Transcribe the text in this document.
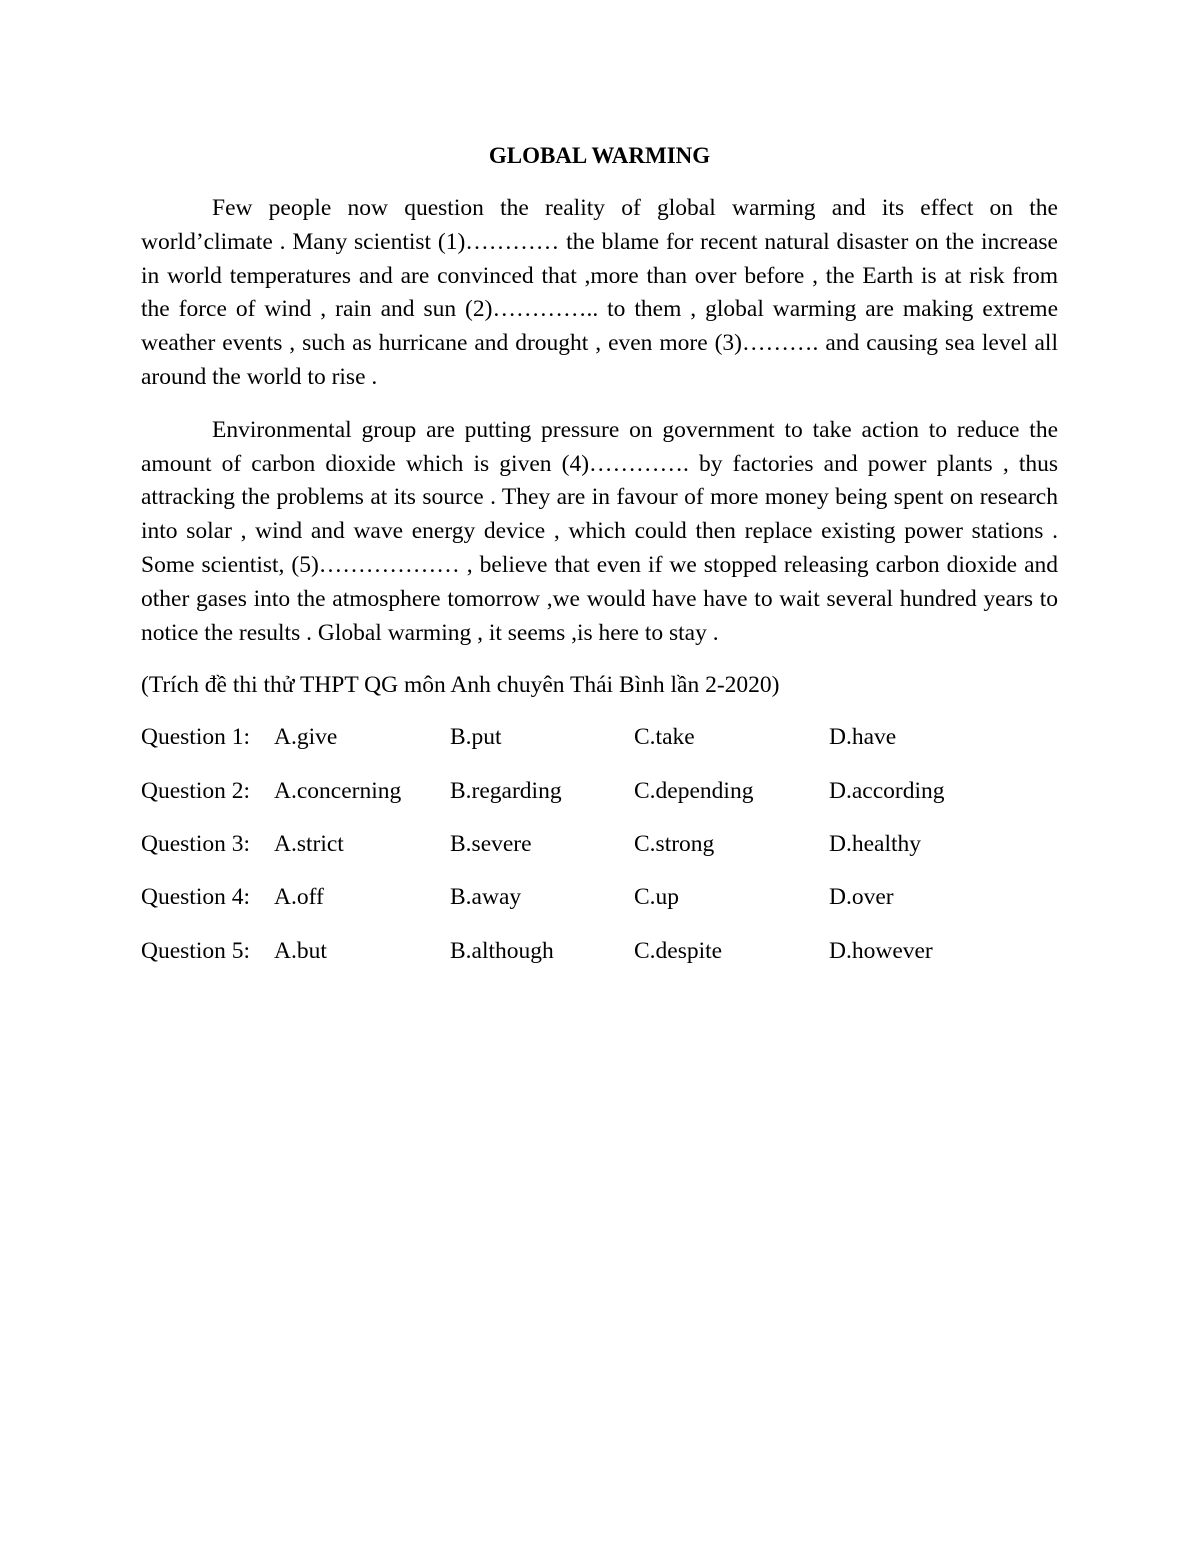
GLOBAL WARMING

Few people now question the reality of global warming and its effect on the world’climate . Many scientist (1)………… the blame for recent natural disaster on the increase in world temperatures and are convinced that ,more than over before , the Earth is at risk from the force of wind , rain and sun (2)………….. to them , global warming are making extreme weather events , such as hurricane and drought , even more (3)………. and causing sea level all around the world to rise .

Environmental group are putting pressure on government to take action to reduce the amount of carbon dioxide which is given (4)…………. by factories and power plants , thus attracking the problems at its source . They are in favour of more money being spent on research into solar , wind and wave energy device , which could then replace existing power stations . Some scientist, (5)……………… , believe that even if we stopped releasing carbon dioxide and other gases into the atmosphere tomorrow ,we would have have to wait several hundred years to notice the results . Global warming , it seems ,is here to stay .

(Trích đề thi thử THPT QG môn Anh chuyên Thái Bình lần 2-2020)
Question 1:	A.give	B.put	C.take	D.have
Question 2:	A.concerning	B.regarding	C.depending	D.according
Question 3:	A.strict	B.severe	C.strong	D.healthy
Question 4:	A.off	B.away	C.up	D.over
Question 5:	A.but	B.although	C.despite	D.however
